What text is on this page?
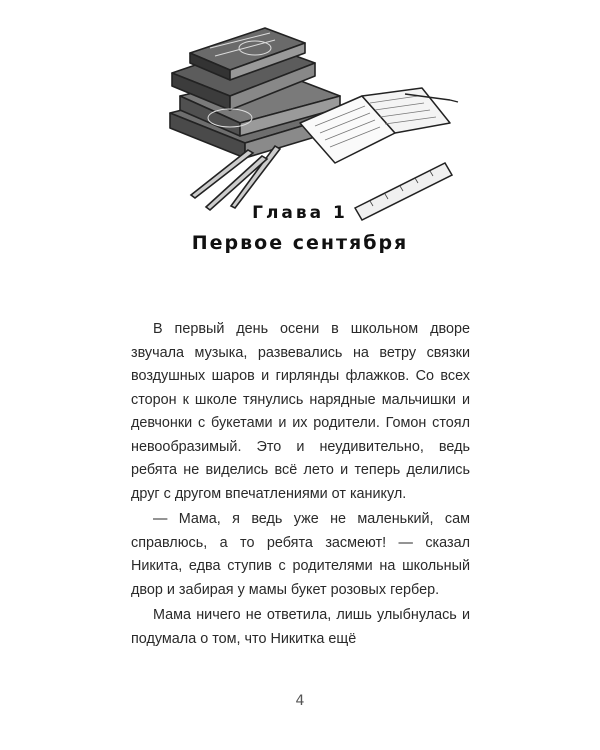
Глава 1
Первое сентября

В первый день осени в школьном дворе звучала музыка, развевались на ветру связки воздушных шаров и гирлянды флажков. Со всех сторон к школе тянулись нарядные мальчишки и девчонки с букетами и их родители. Гомон стоял невообразимый. Это и неудивительно, ведь ребята не виделись всё лето и теперь делились друг с другом впечатлениями от каникул.

— Мама, я ведь уже не маленький, сам справлюсь, а то ребята засмеют! — сказал Никита, едва ступив с родителями на школьный двор и забирая у мамы букет розовых гербер.

Мама ничего не ответила, лишь улыбнулась и подумала о том, что Никитка ещё

4
